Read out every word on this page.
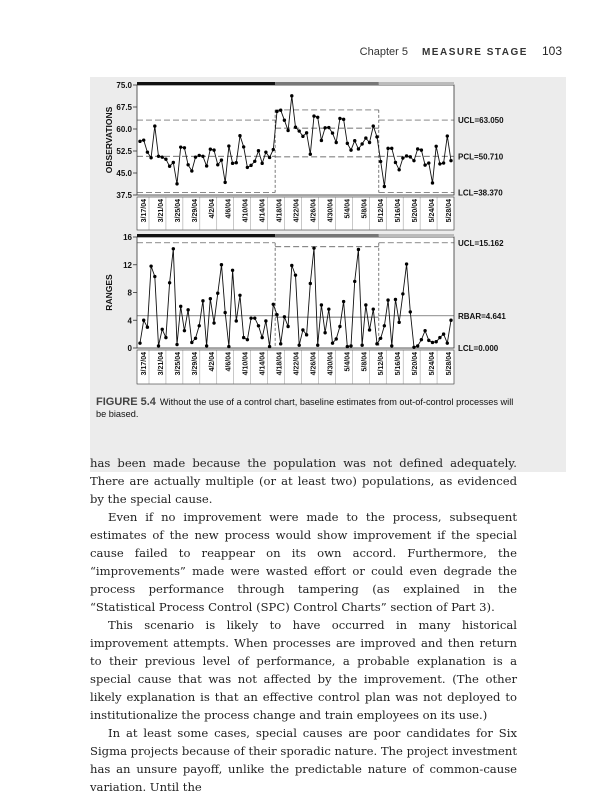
Chapter 5 MEASURE STAGE 103
37.5
45.0
52.5
60.0
67.5
75.0
OBSERVATIONS	UCL=63.050
PCL=50.710
LCL=38.370
3/17/04 3/21/04 3/25/04 3/29/04 4/2/04 4/6/04 4/10/04 4/14/04 4/18/04 4/22/04 4/26/04 4/30/04 5/4/04 5/8/04 5/12/04 5/16/04 5/20/04 5/24/04 5/28/04
0
4
8
12
16
RANGES
UCL=15.162
RBAR=4.641
LCL=0.000
3/17/04 3/21/04 3/25/04 3/29/04 4/2/04 4/6/04 4/10/04 4/14/04 4/18/04 4/22/04 4/26/04 4/30/04 5/4/04 5/8/04 5/12/04 5/16/04 5/20/04 5/24/04 5/28/04
FIGURE 5.4 Without the use of a control chart, baseline estimates from out-of-control processes will be biased.

has been made because the population was not defined adequately. There are actually multiple (or at least two) populations, as evidenced by the special cause.

Even if no improvement were made to the process, subsequent estimates of the new process would show improvement if the special cause failed to reappear on its own accord. Furthermore, the “improvements” made were wasted effort or could even degrade the process performance through tampering (as explained in the “Statistical Process Control (SPC) Control Charts” section of Part 3).

This scenario is likely to have occurred in many historical improvement attempts. When processes are improved and then return to their previous level of performance, a probable explanation is a special cause that was not affected by the improvement. (The other likely explanation is that an effective control plan was not deployed to institutionalize the process change and train employees on its use.)

In at least some cases, special causes are poor candidates for Six Sigma projects because of their sporadic nature. The project investment has an unsure payoff, unlike the predictable nature of common-cause variation. Until the
